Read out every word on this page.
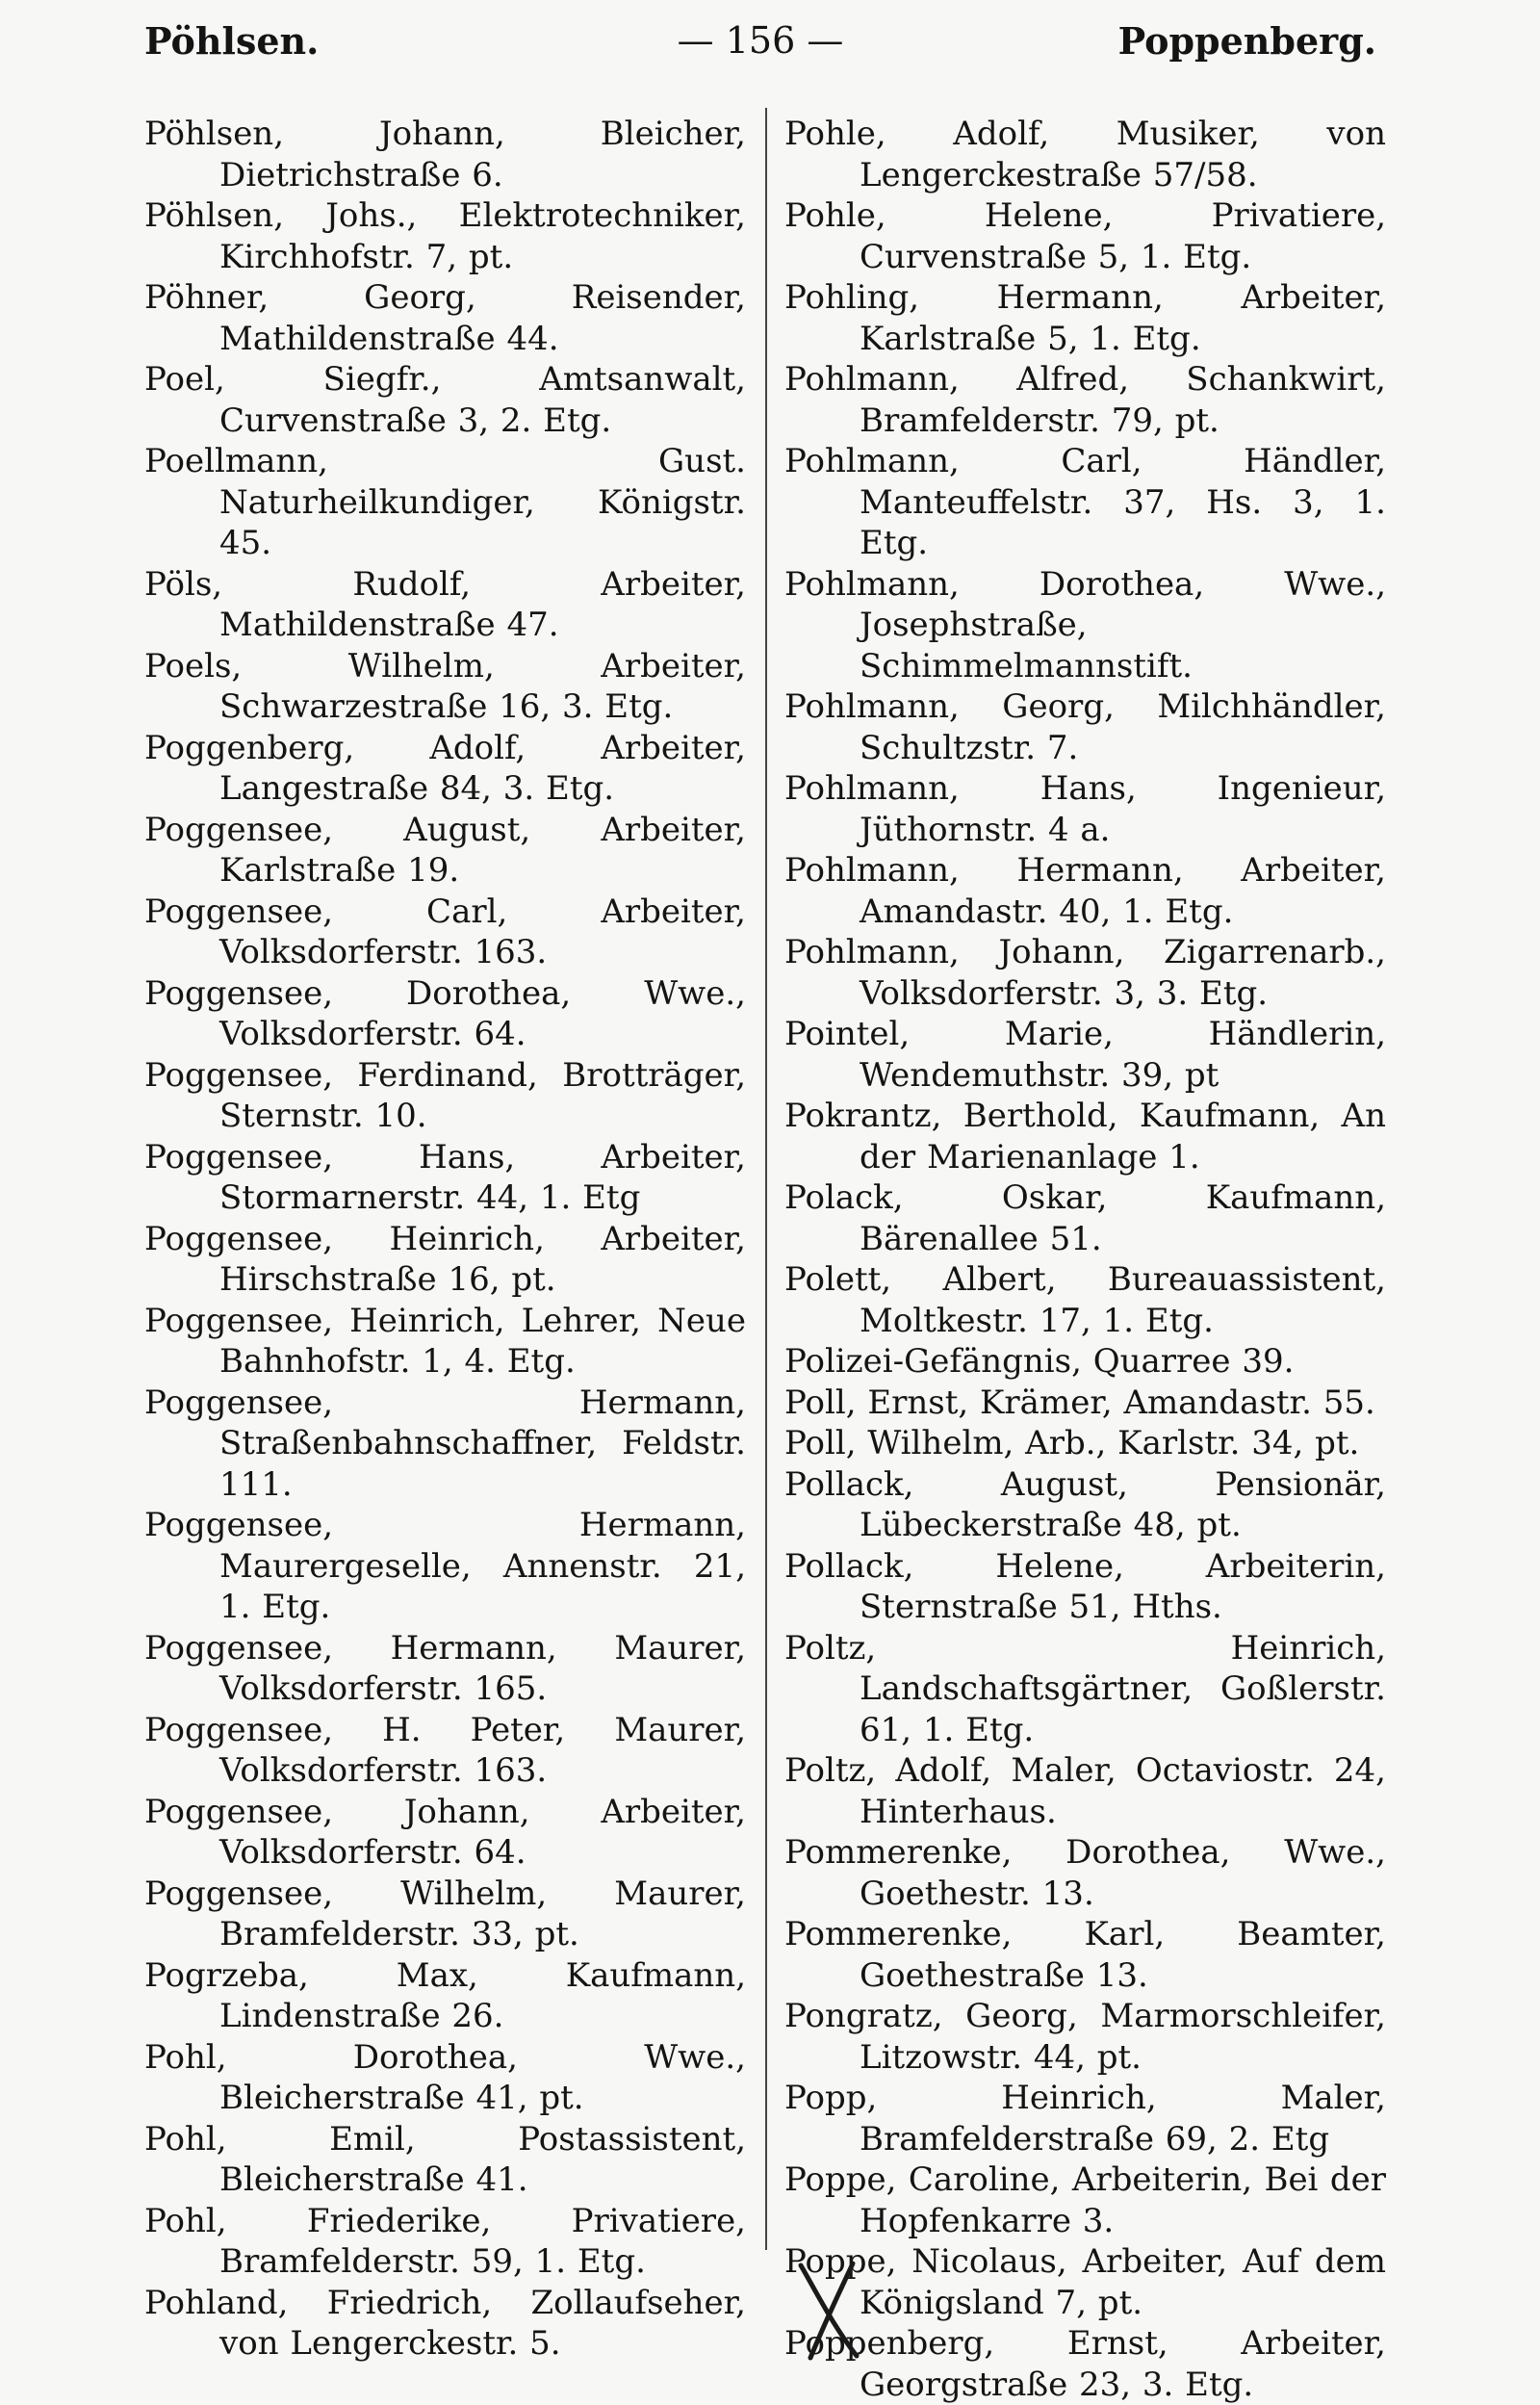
Pöhlsen.	— 156 —	Poppenberg.

Pöhlsen, Johann, Bleicher, Dietrichstraße 6.

Pöhlsen, Johs., Elektrotechniker, Kirchhofstr. 7, pt.

Pöhner, Georg, Reisender, Mathildenstraße 44.

Poel, Siegfr., Amtsanwalt, Curvenstraße 3, 2. Etg.

Poellmann, Gust. Naturheilkundiger, Königstr. 45.

Pöls, Rudolf, Arbeiter, Mathildenstraße 47.

Poels, Wilhelm, Arbeiter, Schwarzestraße 16, 3. Etg.

Poggenberg, Adolf, Arbeiter, Langestraße 84, 3. Etg.

Poggensee, August, Arbeiter, Karlstraße 19.

Poggensee, Carl, Arbeiter, Volksdorferstr. 163.

Poggensee, Dorothea, Wwe., Volksdorferstr. 64.

Poggensee, Ferdinand, Brotträger, Sternstr. 10.

Poggensee, Hans, Arbeiter, Stormarnerstr. 44, 1. Etg

Poggensee, Heinrich, Arbeiter, Hirschstraße 16, pt.

Poggensee, Heinrich, Lehrer, Neue Bahnhofstr. 1, 4. Etg.

Poggensee, Hermann, Straßenbahnschaffner, Feldstr. 111.

Poggensee, Hermann, Maurergeselle, Annenstr. 21, 1. Etg.

Poggensee, Hermann, Maurer, Volksdorferstr. 165.

Poggensee, H. Peter, Maurer, Volksdorferstr. 163.

Poggensee, Johann, Arbeiter, Volksdorferstr. 64.

Poggensee, Wilhelm, Maurer, Bramfelderstr. 33, pt.

Pogrzeba, Max, Kaufmann, Lindenstraße 26.

Pohl, Dorothea, Wwe., Bleicherstraße 41, pt.

Pohl, Emil, Postassistent, Bleicherstraße 41.

Pohl, Friederike, Privatiere, Bramfelderstr. 59, 1. Etg.

Pohland, Friedrich, Zollaufseher, von Lengerckestr. 5.

Pohle, Adolf, Musiker, von Lengerckestraße 57/58.

Pohle, Helene, Privatiere, Curvenstraße 5, 1. Etg.

Pohling, Hermann, Arbeiter, Karlstraße 5, 1. Etg.

Pohlmann, Alfred, Schankwirt, Bramfelderstr. 79, pt.

Pohlmann, Carl, Händler, Manteuffelstr. 37, Hs. 3, 1. Etg.

Pohlmann, Dorothea, Wwe., Josephstraße, Schimmelmannstift.

Pohlmann, Georg, Milchhändler, Schultzstr. 7.

Pohlmann, Hans, Ingenieur, Jüthornstr. 4 a.

Pohlmann, Hermann, Arbeiter, Amandastr. 40, 1. Etg.

Pohlmann, Johann, Zigarrenarb., Volksdorferstr. 3, 3. Etg.

Pointel, Marie, Händlerin, Wendemuthstr. 39, pt

Pokrantz, Berthold, Kaufmann, An der Marienanlage 1.

Polack, Oskar, Kaufmann, Bärenallee 51.

Polett, Albert, Bureauassistent, Moltkestr. 17, 1. Etg.

Polizei-Gefängnis, Quarree 39.

Poll, Ernst, Krämer, Amandastr. 55.

Poll, Wilhelm, Arb., Karlstr. 34, pt.

Pollack, August, Pensionär, Lübeckerstraße 48, pt.

Pollack, Helene, Arbeiterin, Sternstraße 51, Hths.

Poltz, Heinrich, Landschaftsgärtner, Goßlerstr. 61, 1. Etg.

Poltz, Adolf, Maler, Octaviostr. 24, Hinterhaus.

Pommerenke, Dorothea, Wwe., Goethestr. 13.

Pommerenke, Karl, Beamter, Goethestraße 13.

Pongratz, Georg, Marmorschleifer, Litzowstr. 44, pt.

Popp, Heinrich, Maler, Bramfelderstraße 69, 2. Etg

Poppe, Caroline, Arbeiterin, Bei der Hopfenkarre 3.

Poppe, Nicolaus, Arbeiter, Auf dem Königsland 7, pt.

Poppenberg, Ernst, Arbeiter, Georgstraße 23, 3. Etg.
